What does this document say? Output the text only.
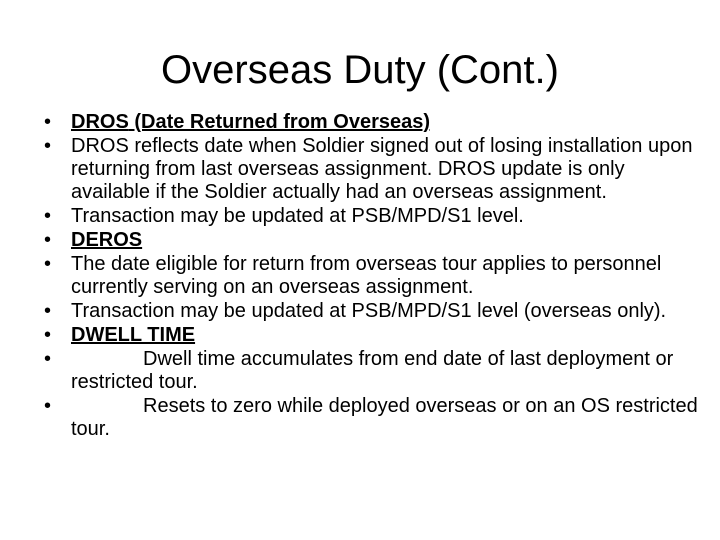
Overseas Duty (Cont.)
• DROS (Date Returned from Overseas)
• DROS reflects date when Soldier signed out of losing installation upon returning from last overseas assignment. DROS update is only available if the Soldier actually had an overseas assignment.
• Transaction may be updated at PSB/MPD/S1 level.
• DEROS
• The date eligible for return from overseas tour applies to personnel currently serving on an overseas assignment.
• Transaction may be updated at PSB/MPD/S1 level (overseas only).
• DWELL TIME
•	Dwell time accumulates from end date of last deployment or restricted tour.
•	Resets to zero while deployed overseas or on an OS restricted tour.
